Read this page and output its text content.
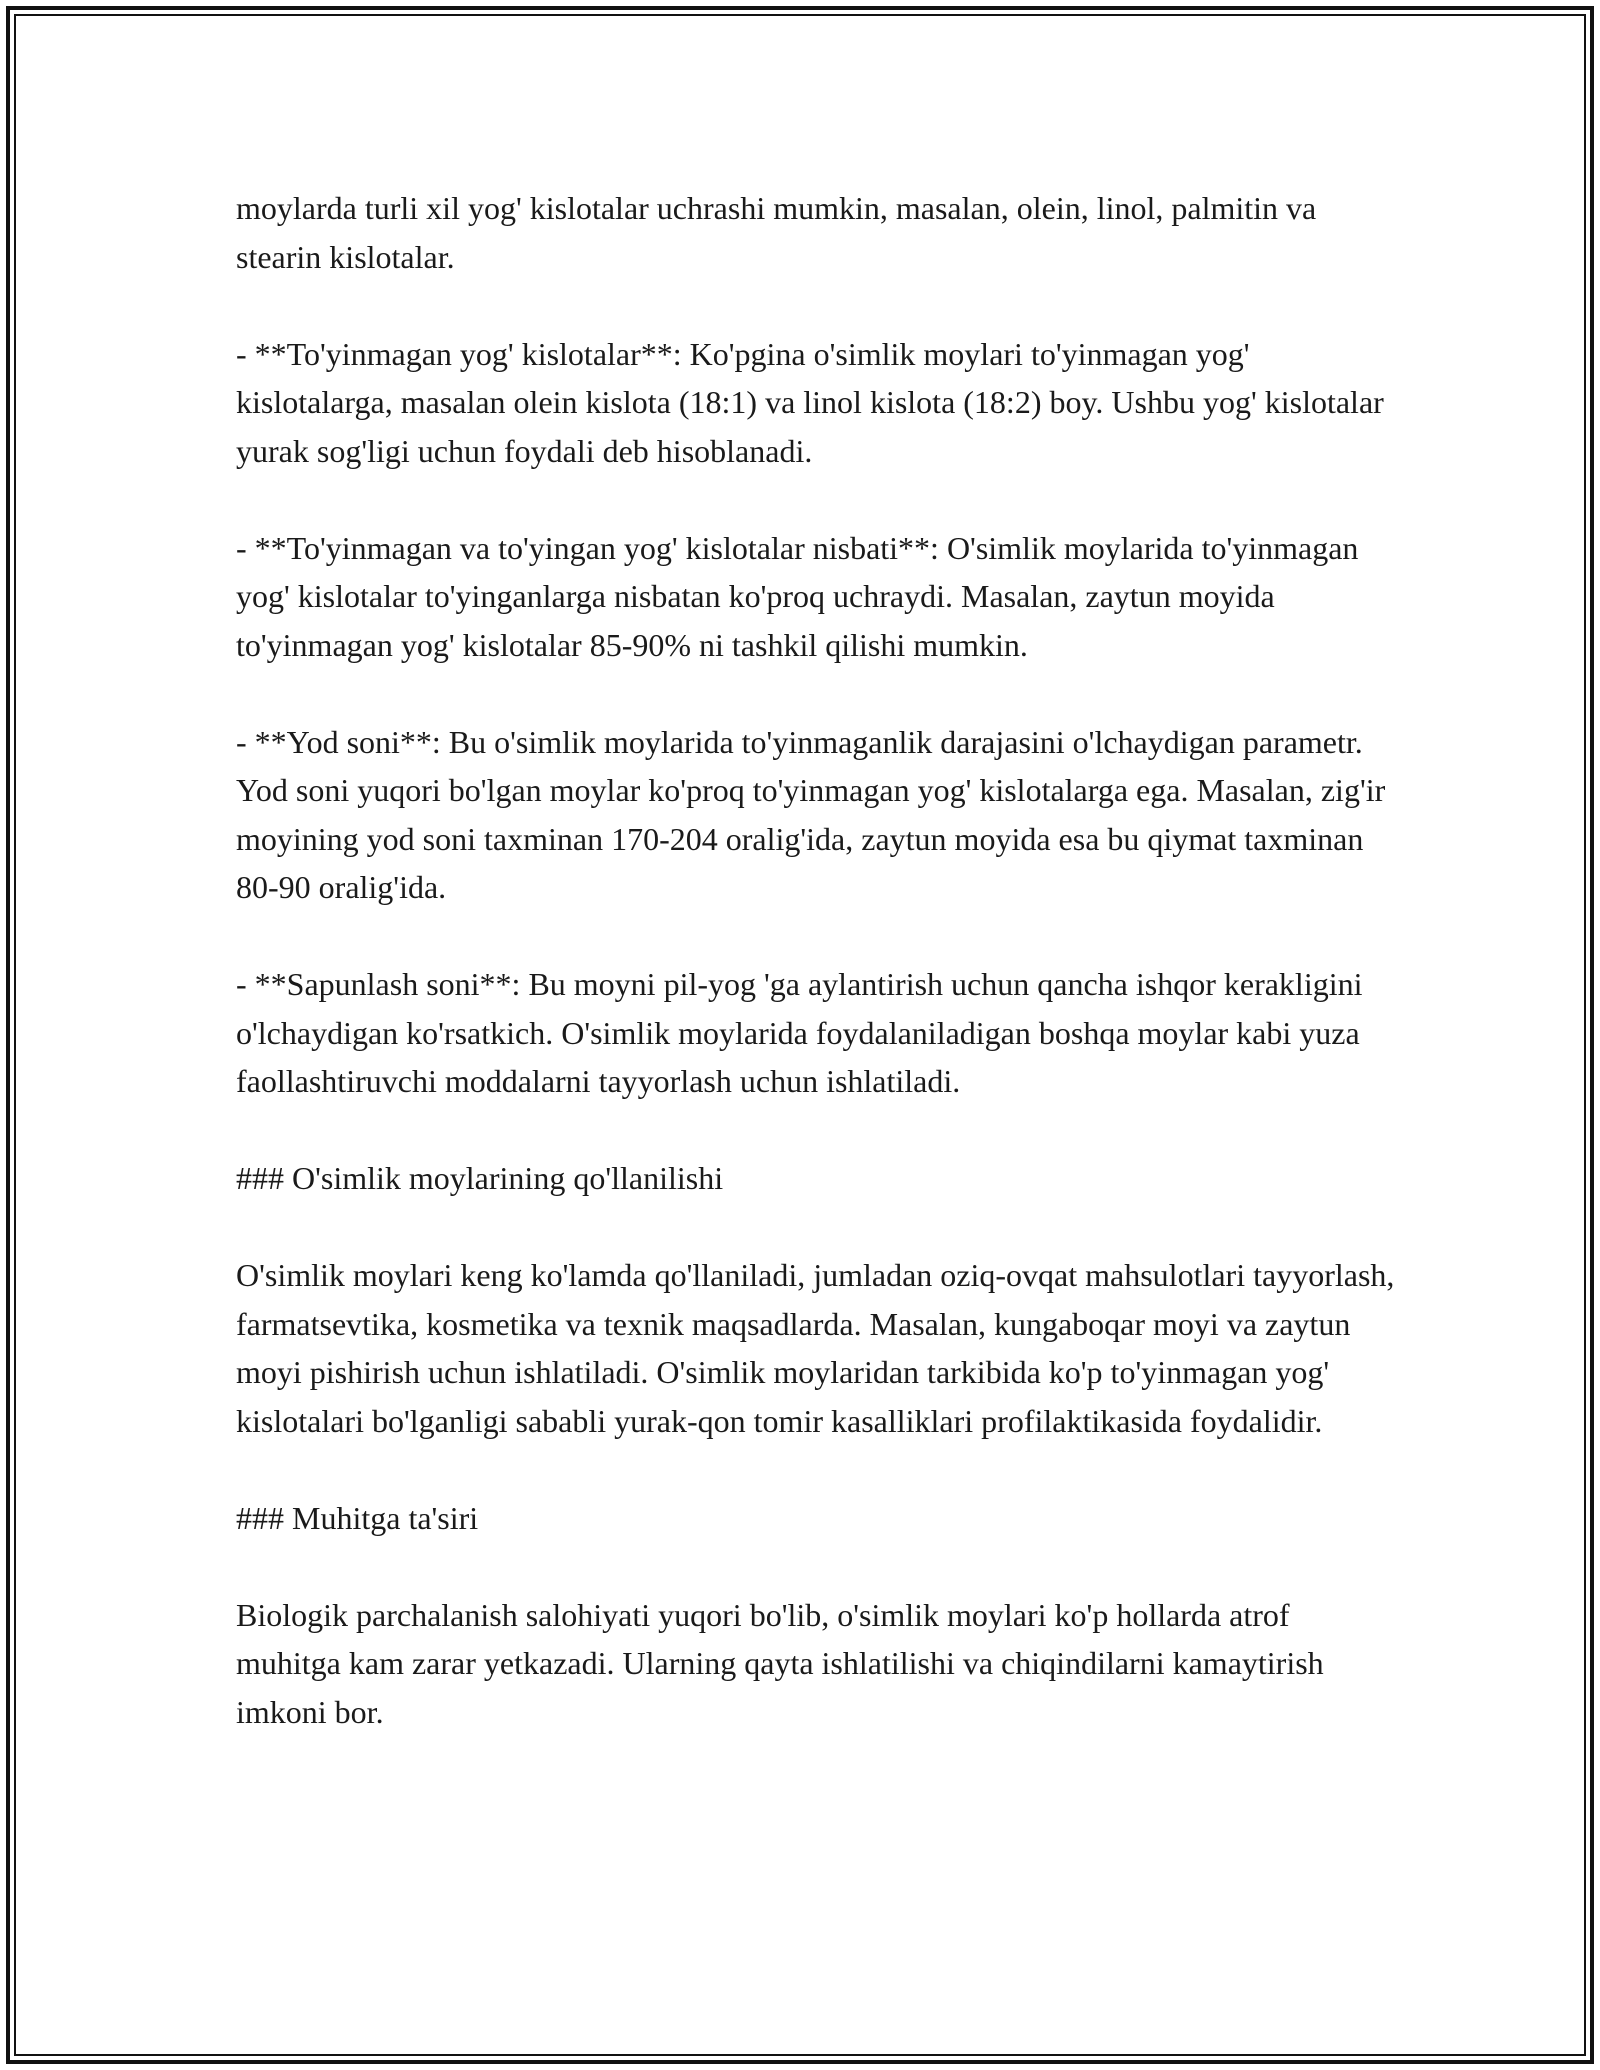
moylarda turli xil yog' kislotalar uchrashi mumkin, masalan, olein, linol, palmitin va stearin kislotalar.

- **To'yinmagan yog' kislotalar**: Ko'pgina o'simlik moylari to'yinmagan yog' kislotalarga, masalan olein kislota (18:1) va linol kislota (18:2) boy. Ushbu yog' kislotalar yurak sog'ligi uchun foydali deb hisoblanadi.

- **To'yinmagan va to'yingan yog' kislotalar nisbati**: O'simlik moylarida to'yinmagan yog' kislotalar to'yinganlarga nisbatan ko'proq uchraydi. Masalan, zaytun moyida to'yinmagan yog' kislotalar 85-90% ni tashkil qilishi mumkin.

- **Yod soni**: Bu o'simlik moylarida to'yinmaganlik darajasini o'lchaydigan parametr. Yod soni yuqori bo'lgan moylar ko'proq to'yinmagan yog' kislotalarga ega. Masalan, zig'ir moyining yod soni taxminan 170-204 oralig'ida, zaytun moyida esa bu qiymat taxminan 80-90 oralig'ida.

- **Sapunlash soni**: Bu moyni pil-yog 'ga aylantirish uchun qancha ishqor kerakligini o'lchaydigan ko'rsatkich. O'simlik moylarida foydalaniladigan boshqa moylar kabi yuza faollashtiruvchi moddalarni tayyorlash uchun ishlatiladi.

### O'simlik moylarining qo'llanilishi

O'simlik moylari keng ko'lamda qo'llaniladi, jumladan oziq-ovqat mahsulotlari tayyorlash, farmatsevtika, kosmetika va texnik maqsadlarda. Masalan, kungaboqar moyi va zaytun moyi pishirish uchun ishlatiladi. O'simlik moylaridan tarkibida ko'p to'yinmagan yog' kislotalari bo'lganligi sababli yurak-qon tomir kasalliklari profilaktikasida foydalidir.

### Muhitga ta'siri

Biologik parchalanish salohiyati yuqori bo'lib, o'simlik moylari ko'p hollarda atrof muhitga kam zarar yetkazadi. Ularning qayta ishlatilishi va chiqindilarni kamaytirish imkoni bor.
